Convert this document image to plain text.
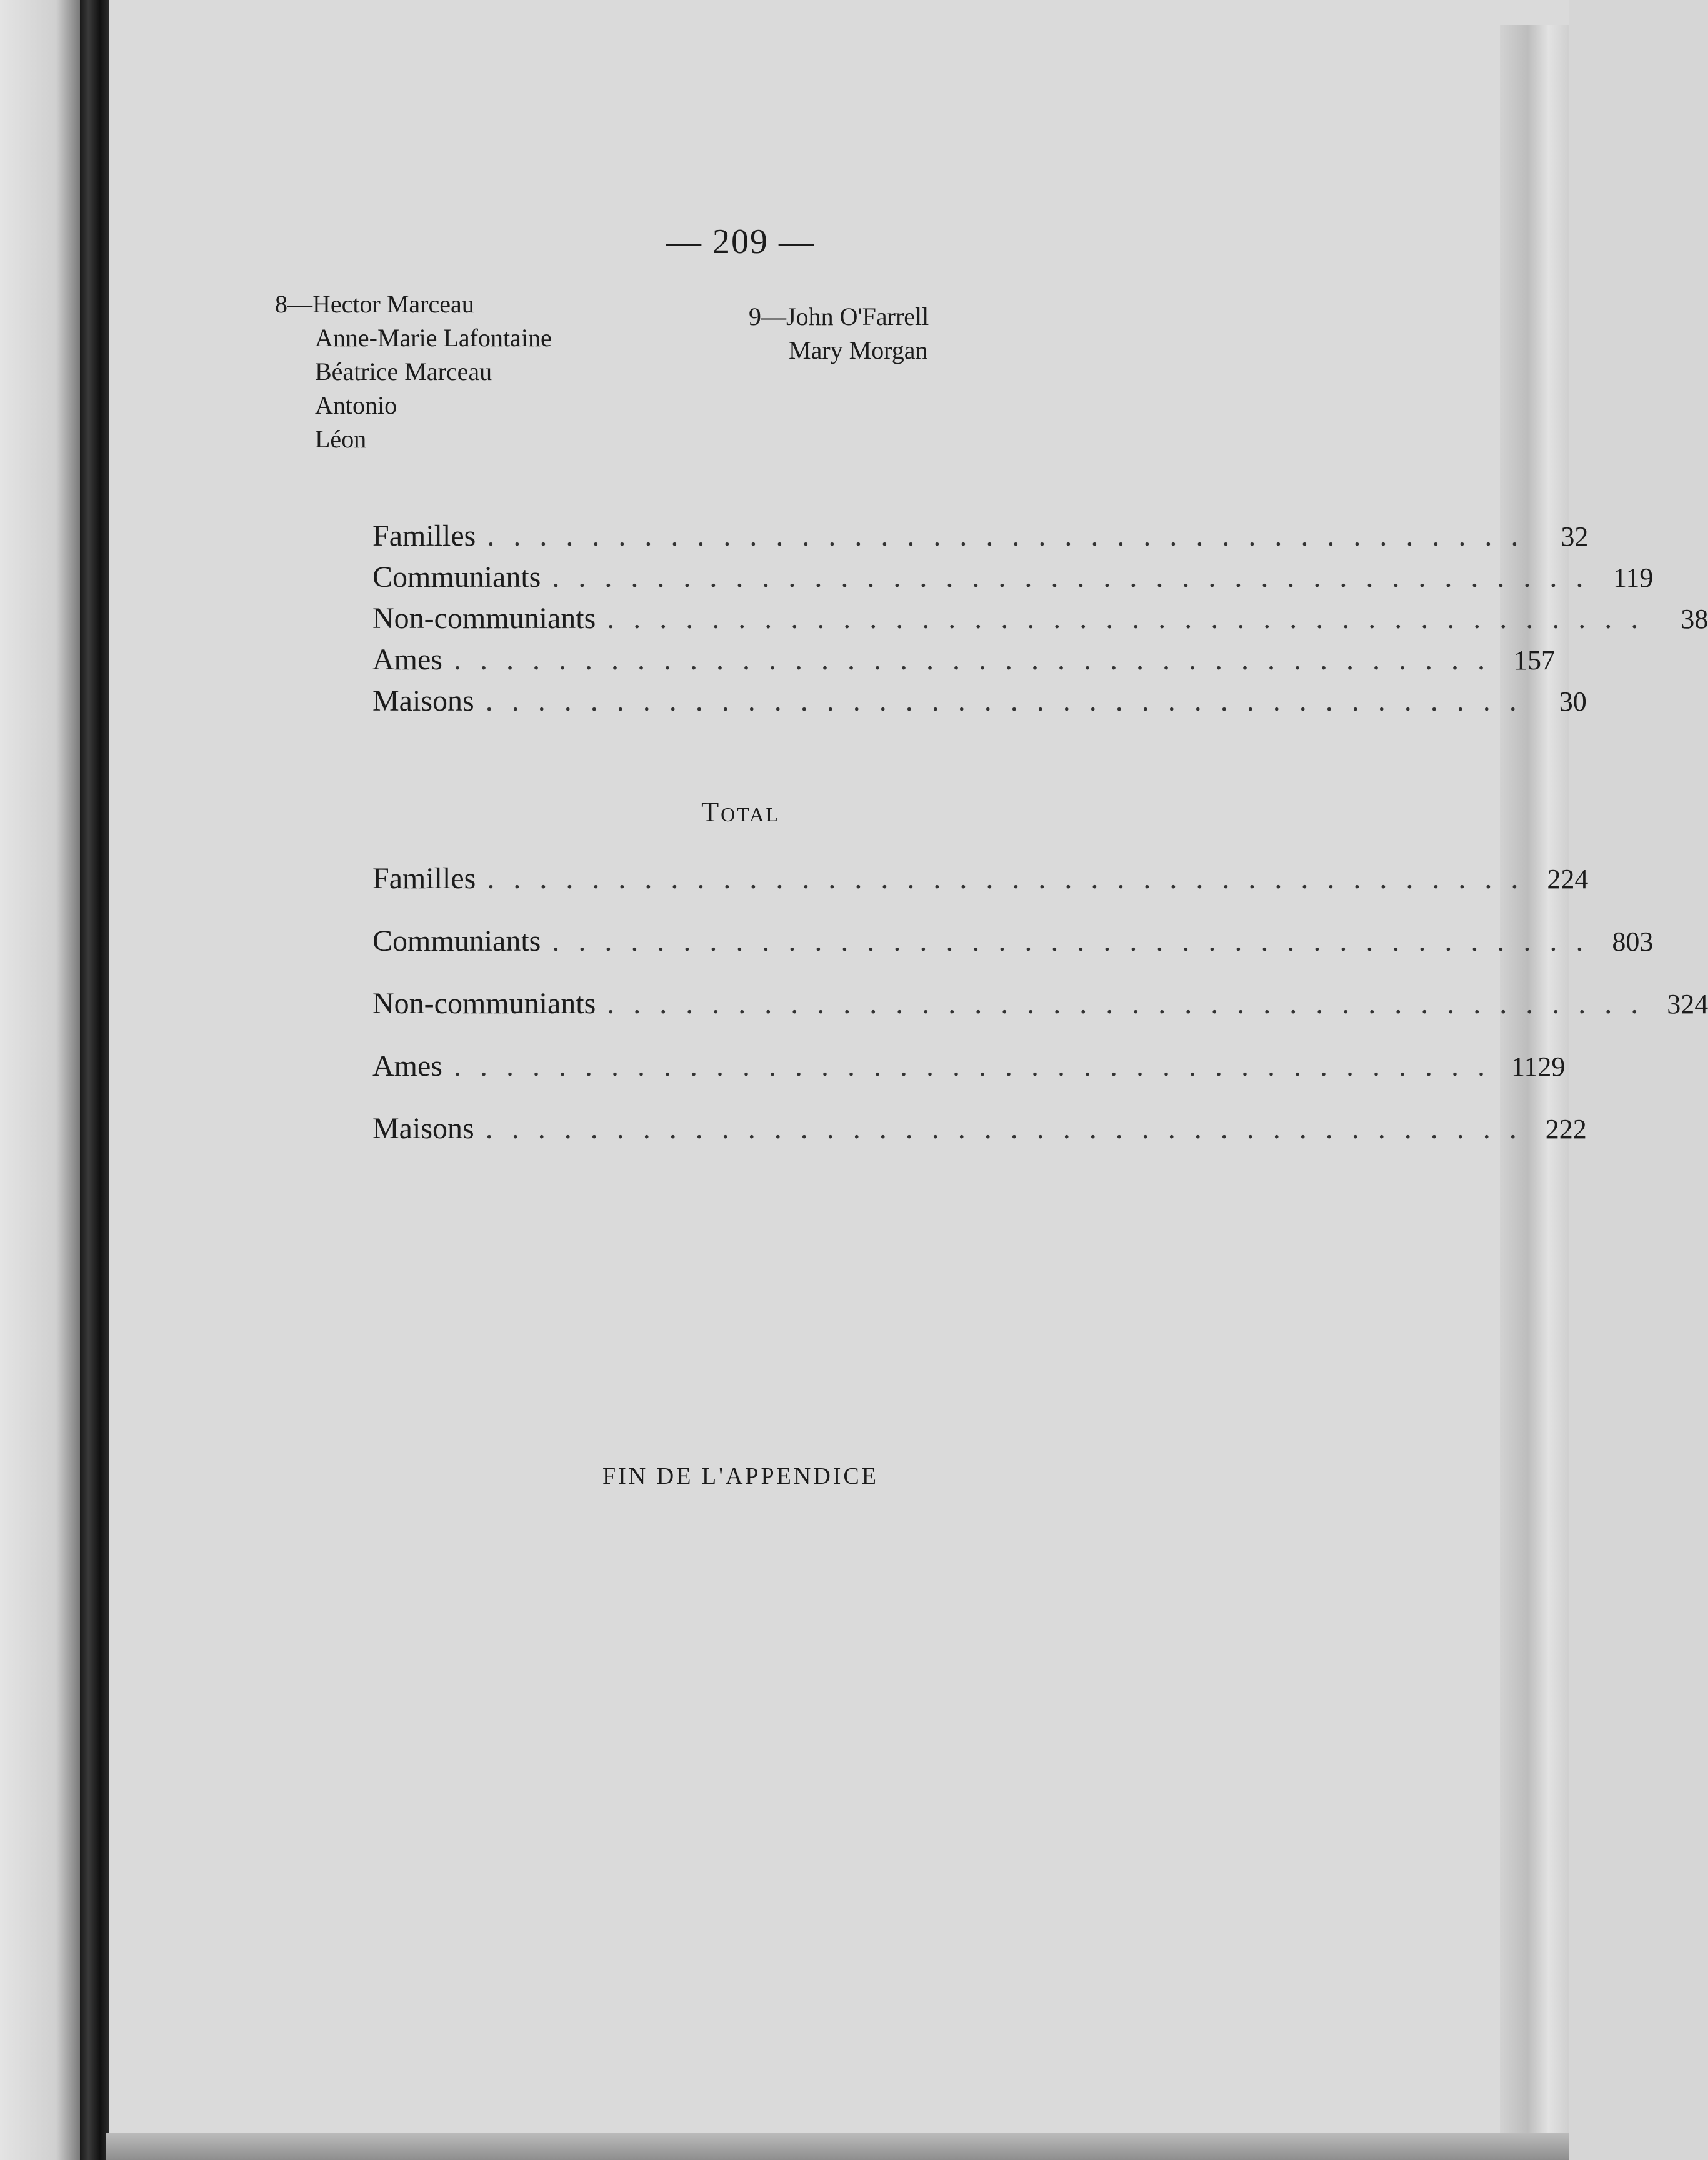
— 209 —
8—Hector Marceau
Anne-Marie Lafontaine
Béatrice Marceau
Antonio
Léon
9—John O'Farrell
Mary Morgan
Familles ........................................ 32
Communiants ........................................ 119
Non-communiants ........................................ 38
Ames ........................................ 157
Maisons ........................................ 30
Total
Familles ........................................ 224
Communiants ........................................ 803
Non-communiants ........................................ 324
Ames ........................................ 1129
Maisons ........................................ 222
FIN DE L'APPENDICE
